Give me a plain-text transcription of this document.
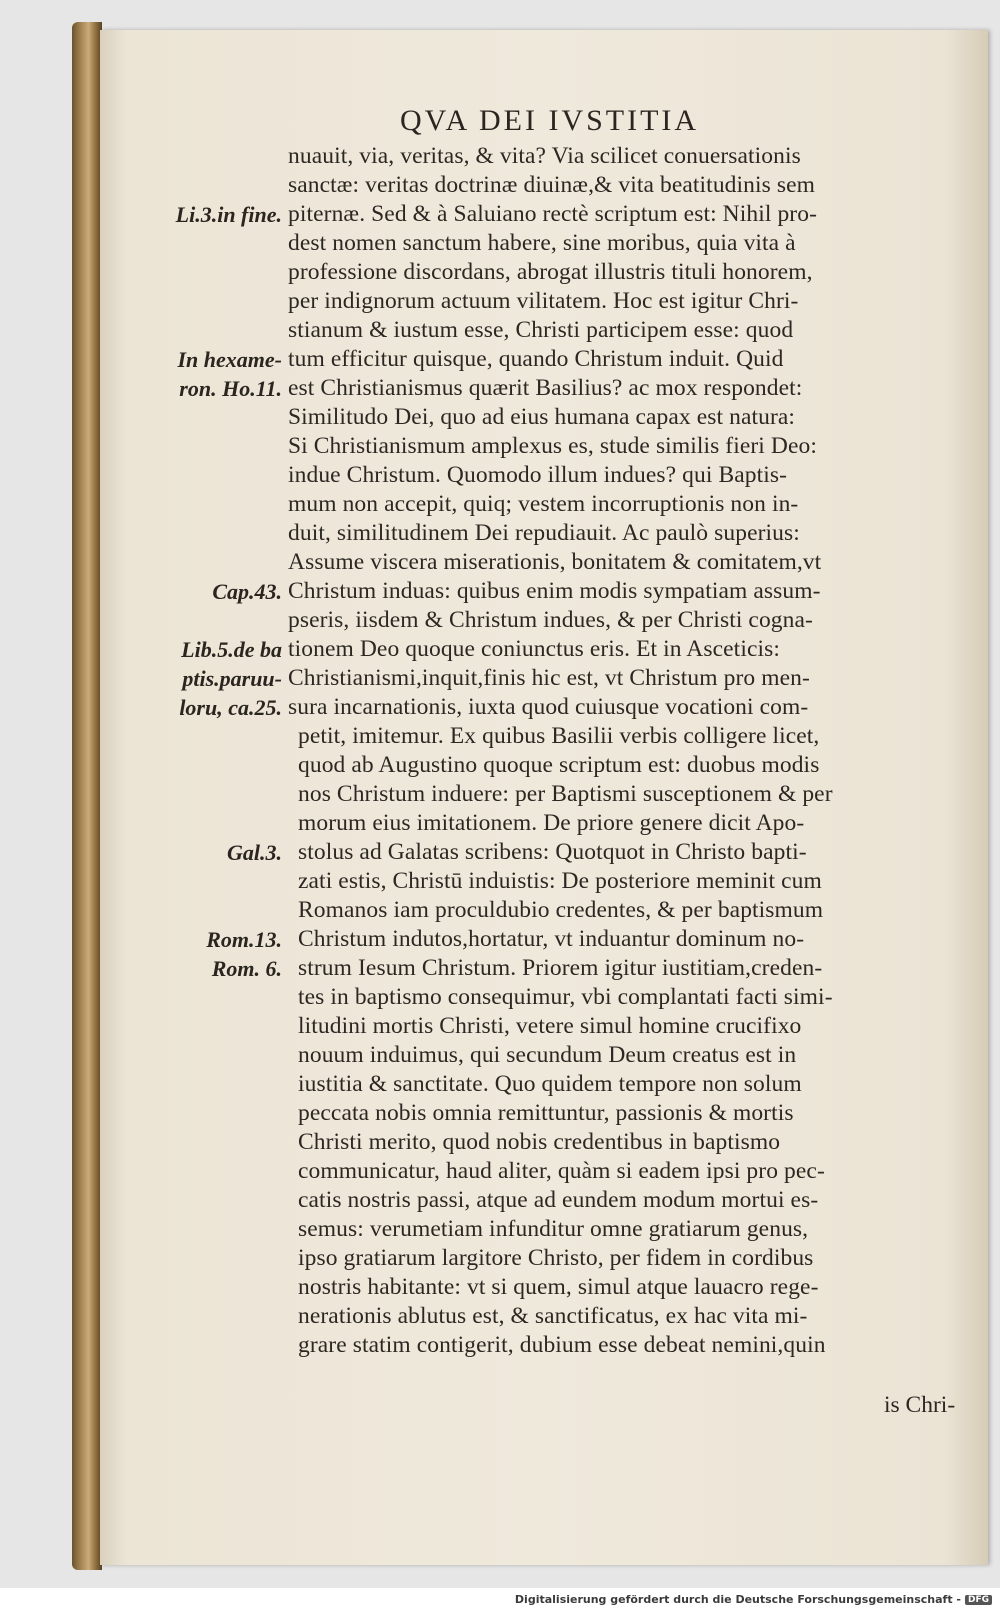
QVA DEI IVSTITIA
Li.3.in fine.
In hexame-
ron. Ho.11.
Cap.43.
Lib.5.de ba
ptis.paruu-
loru, ca.25.
Gal.3.
Rom.13.
Rom. 6.
nuauit, via, veritas, & vita? Via scilicet conuersationis
sanctæ: veritas doctrinæ diuinæ,& vita beatitudinis sem
piternæ. Sed & à Saluiano rectè scriptum est: Nihil pro-
dest nomen sanctum habere, sine moribus, quia vita à
professione discordans, abrogat illustris tituli honorem,
per indignorum actuum vilitatem. Hoc est igitur Chri-
stianum & iustum esse, Christi participem esse: quod
tum efficitur quisque, quando Christum induit. Quid
est Christianismus quærit Basilius? ac mox respondet:
Similitudo Dei, quo ad eius humana capax est natura:
Si Christianismum amplexus es, stude similis fieri Deo:
indue Christum. Quomodo illum indues? qui Baptis-
mum non accepit, quiq; vestem incorruptionis non in-
duit, similitudinem Dei repudiauit. Ac paulò superius:
Assume viscera miserationis, bonitatem & comitatem,vt
Christum induas: quibus enim modis sympatiam assum-
pseris, iisdem & Christum indues, & per Christi cogna-
tionem Deo quoque coniunctus eris. Et in Asceticis:
Christianismi,inquit,finis hic est, vt Christum pro men-
sura incarnationis, iuxta quod cuiusque vocationi com-
petit, imitemur. Ex quibus Basilii verbis colligere licet,
quod ab Augustino quoque scriptum est: duobus modis
nos Christum induere: per Baptismi susceptionem & per
morum eius imitationem. De priore genere dicit Apo-
stolus ad Galatas scribens: Quotquot in Christo bapti-
zati estis, Christū induistis: De posteriore meminit cum
Romanos iam proculdubio credentes, & per baptismum
Christum indutos,hortatur, vt induantur dominum no-
strum Iesum Christum. Priorem igitur iustitiam,creden-
tes in baptismo consequimur, vbi complantati facti simi-
litudini mortis Christi, vetere simul homine crucifixo
nouum induimus, qui secundum Deum creatus est in
iustitia & sanctitate. Quo quidem tempore non solum
peccata nobis omnia remittuntur, passionis & mortis
Christi merito, quod nobis credentibus in baptismo
communicatur, haud aliter, quàm si eadem ipsi pro pec-
catis nostris passi, atque ad eundem modum mortui es-
semus: verumetiam infunditur omne gratiarum genus,
ipso gratiarum largitore Christo, per fidem in cordibus
nostris habitante: vt si quem, simul atque lauacro rege-
nerationis ablutus est, & sanctificatus, ex hac vita mi-
grare statim contigerit, dubium esse debeat nemini,quin
is Chri-
Digitalisierung gefördert durch die Deutsche Forschungsgemeinschaft - DFG
